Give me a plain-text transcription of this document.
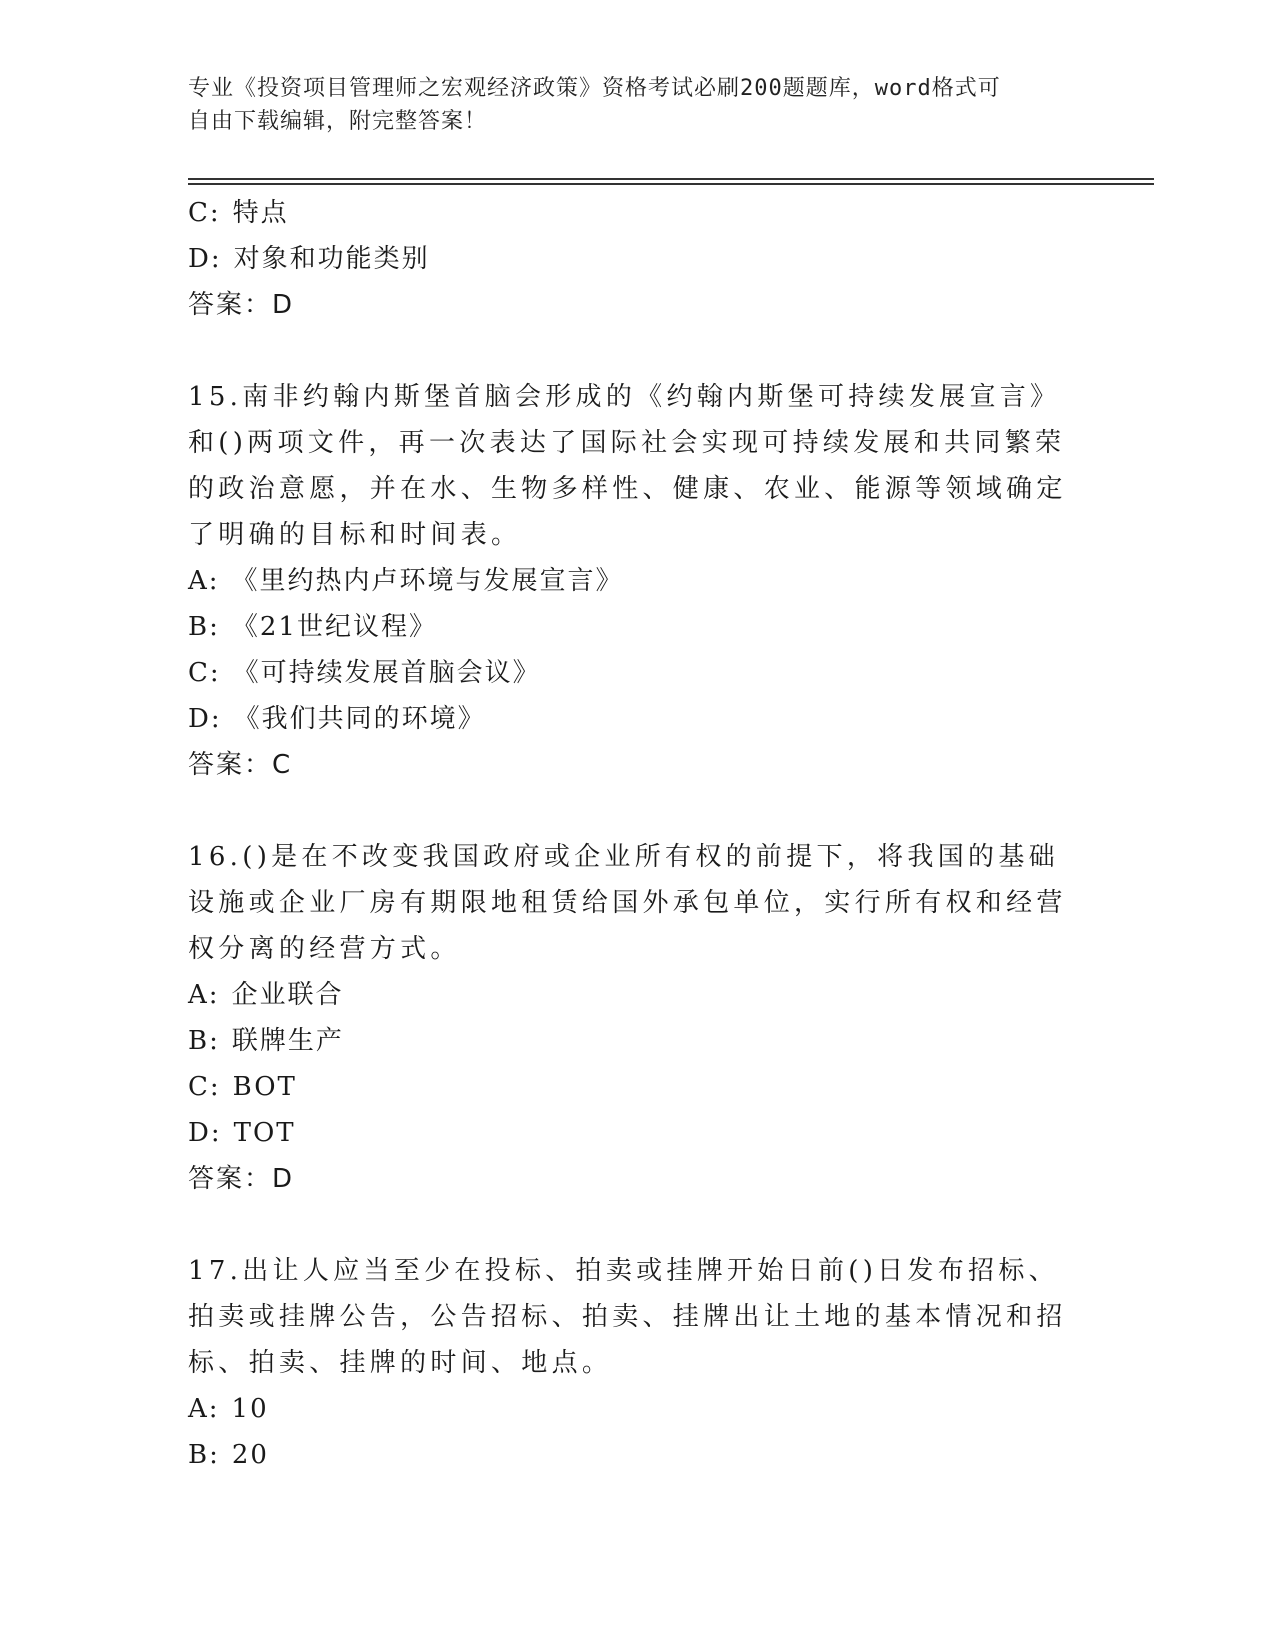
专业《投资项目管理师之宏观经济政策》资格考试必刷200题题库，word格式可
自由下载编辑，附完整答案！
C: 特点
D: 对象和功能类别
答案：D
15.南非约翰内斯堡首脑会形成的《约翰内斯堡可持续发展宣言》和()两项文件，再一次表达了国际社会实现可持续发展和共同繁荣的政治意愿，并在水、生物多样性、健康、农业、能源等领域确定了明确的目标和时间表。
A: 《里约热内卢环境与发展宣言》
B: 《21世纪议程》
C: 《可持续发展首脑会议》
D: 《我们共同的环境》
答案：C
16.()是在不改变我国政府或企业所有权的前提下，将我国的基础设施或企业厂房有期限地租赁给国外承包单位，实行所有权和经营权分离的经营方式。
A: 企业联合
B: 联牌生产
C: BOT
D: TOT
答案：D
17.出让人应当至少在投标、拍卖或挂牌开始日前()日发布招标、拍卖或挂牌公告，公告招标、拍卖、挂牌出让土地的基本情况和招标、拍卖、挂牌的时间、地点。
A: 10
B: 20
